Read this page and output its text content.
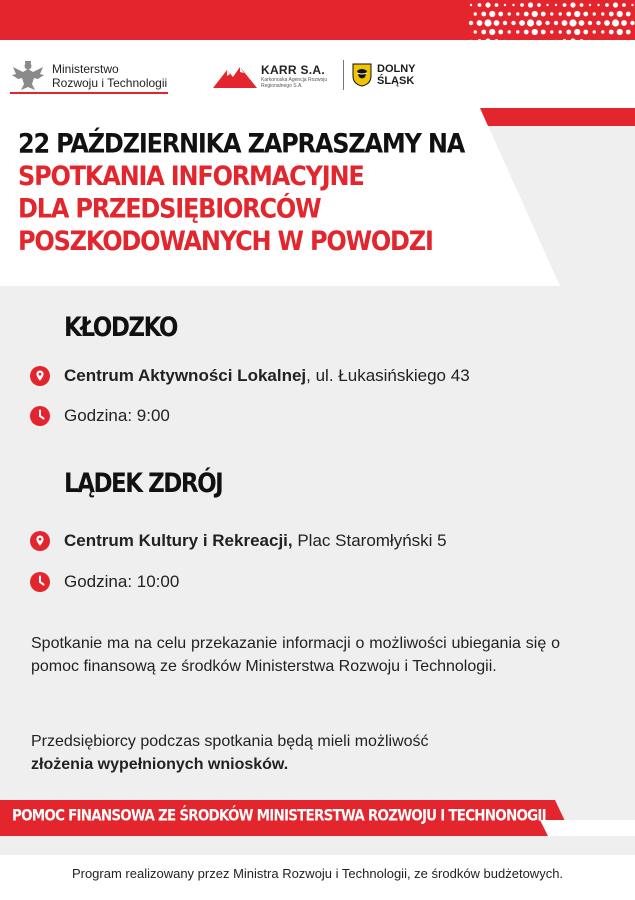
Ministerstwo
Rozwoju i Technologii
KARR S.A.
Karkonoska Agencja Rozwoju Regionalnego S.A.
DOLNY
ŚLĄSK
22 PAŹDZIERNIKA ZAPRASZAMY NA
SPOTKANIA INFORMACYJNE
DLA PRZEDSIĘBIORCÓW
POSZKODOWANYCH W POWODZI
KŁODZKO
Centrum Aktywności Lokalnej, ul. Łukasińskiego 43
Godzina: 9:00
LĄDEK ZDRÓJ
Centrum Kultury i Rekreacji, Plac Staromłyński 5
Godzina: 10:00
Spotkanie ma na celu przekazanie informacji o możliwości ubiegania się o pomoc finansową ze środków Ministerstwa Rozwoju i Technologii.
Przedsiębiorcy podczas spotkania będą mieli możliwość
złożenia wypełnionych wniosków.
POMOC FINANSOWA ZE ŚRODKÓW MINISTERSTWA ROZWOJU I TECHNONOGII
Program realizowany przez Ministra Rozwoju i Technologii, ze środków budżetowych.
